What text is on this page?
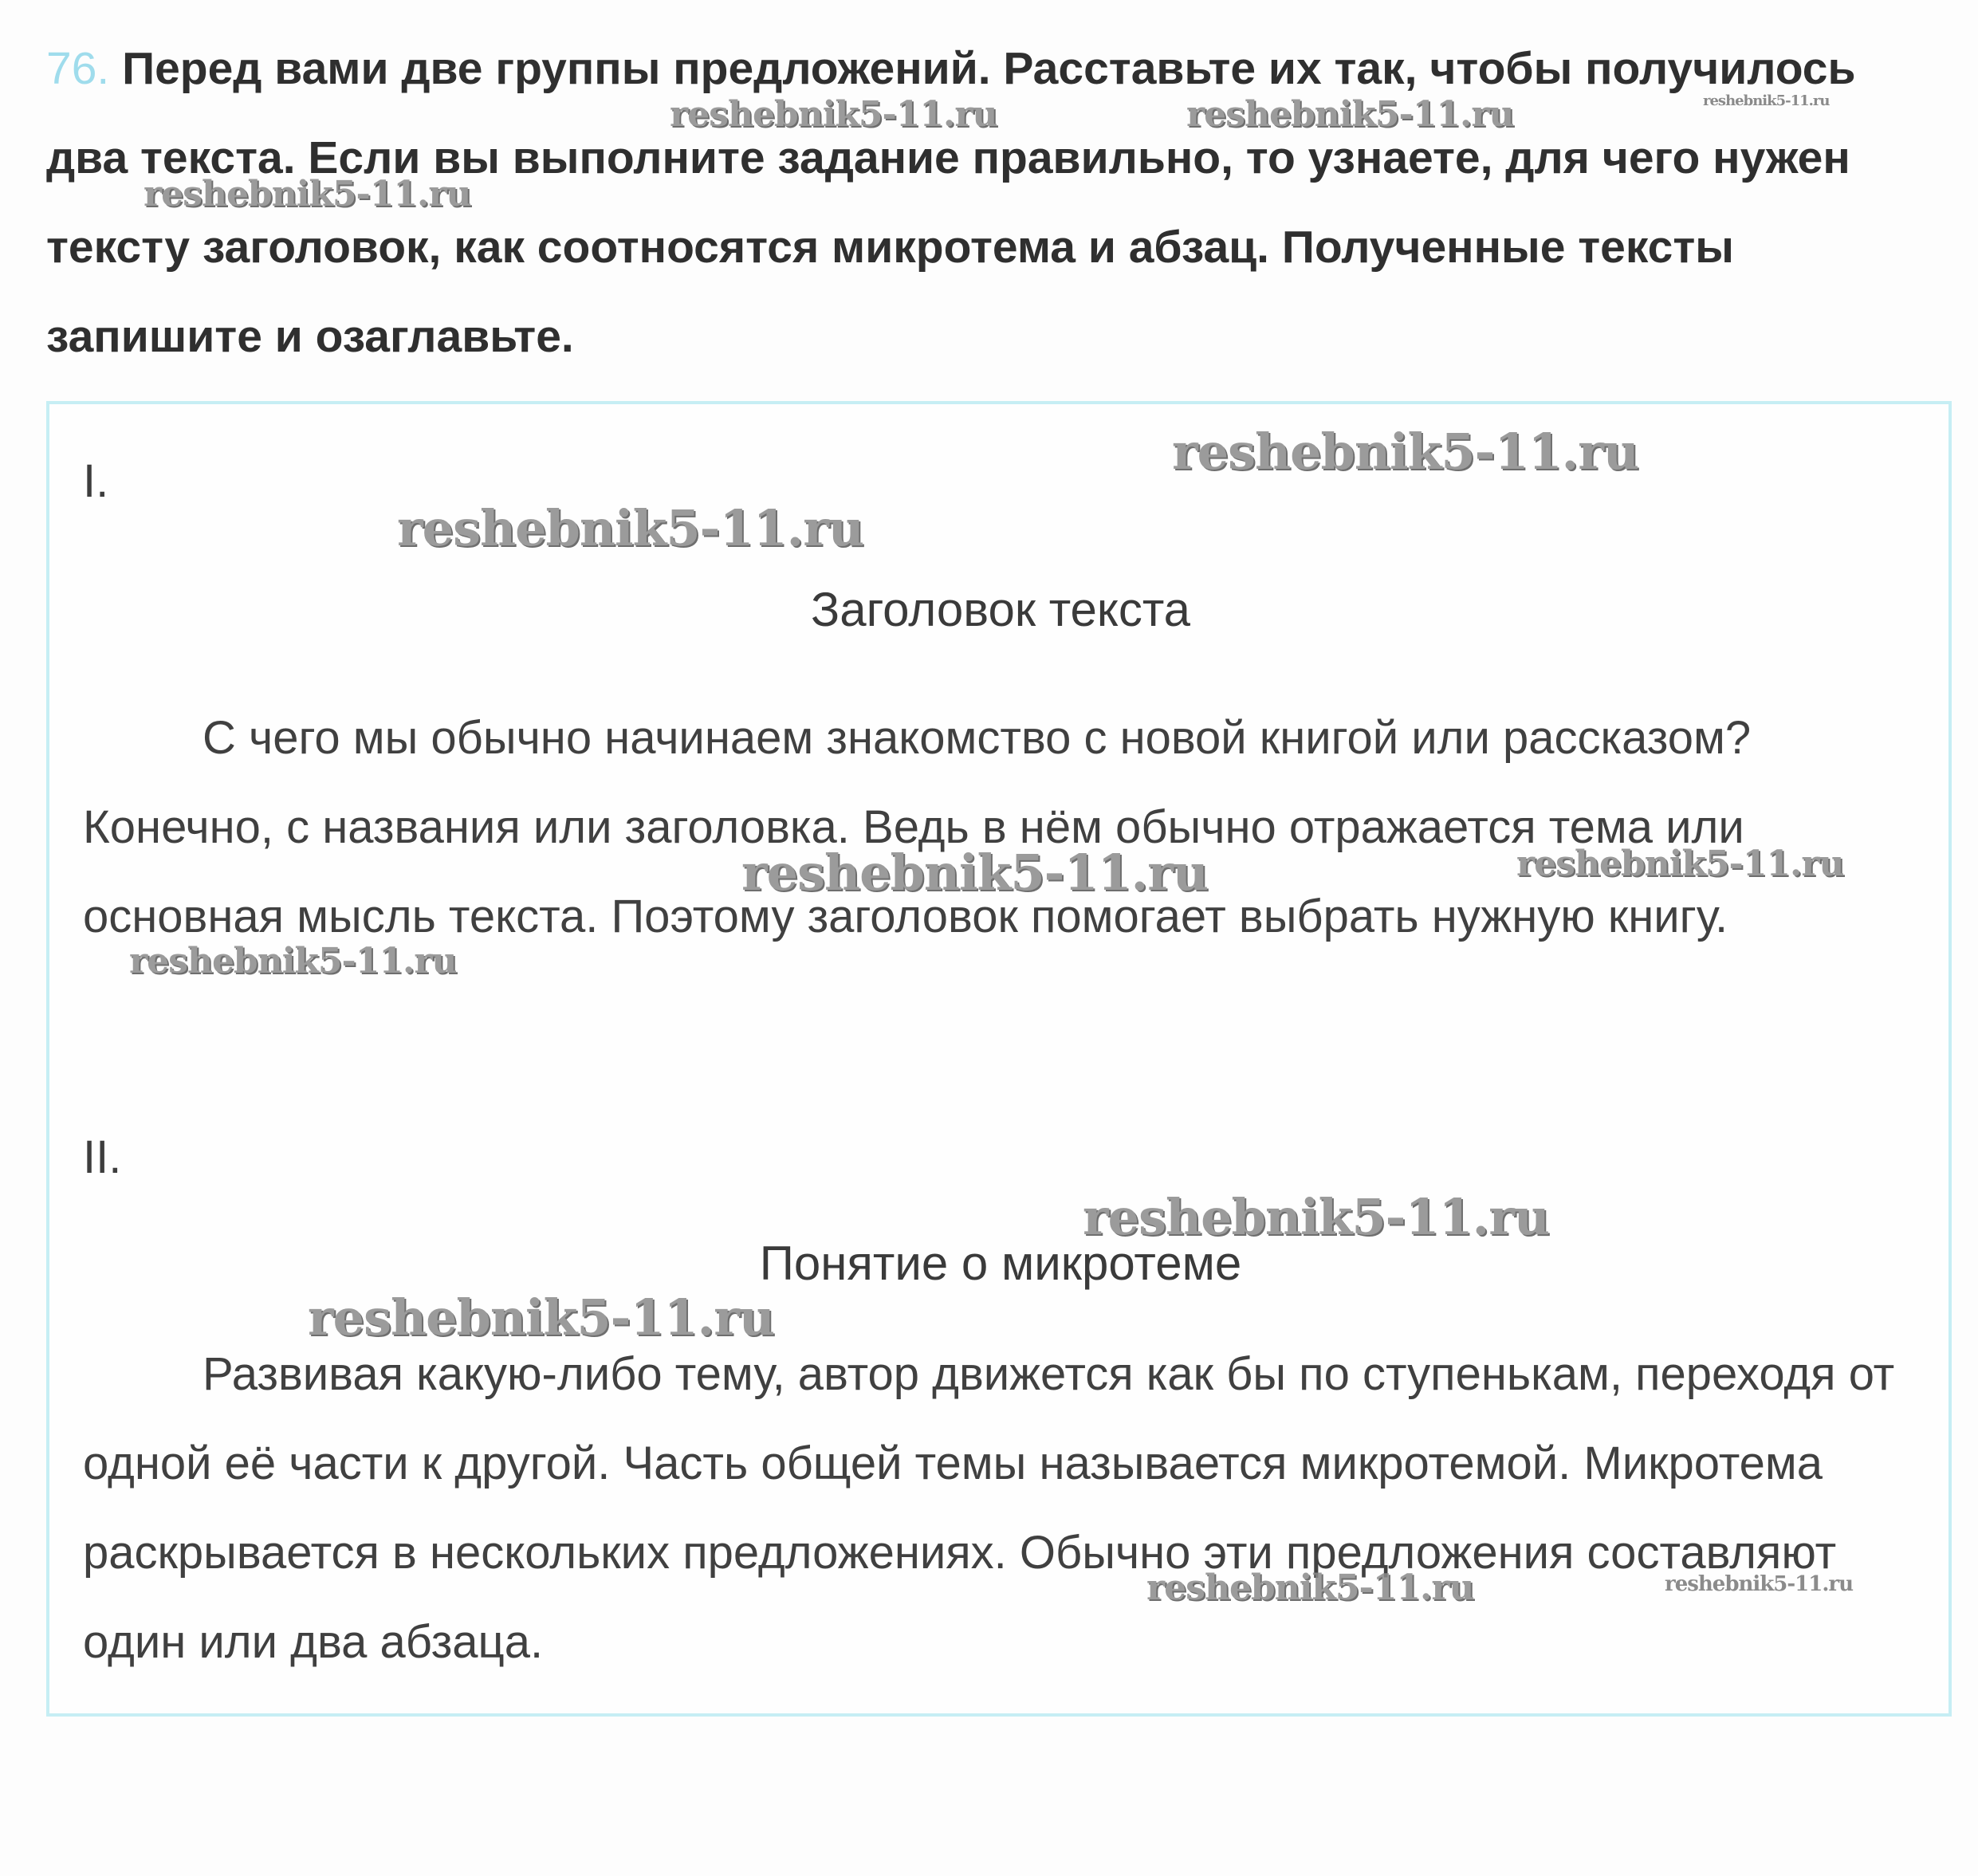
76. Перед вами две группы предложений. Расставьте их так, чтобы получилось два текста. Если вы выполните задание правильно, то узнаете, для чего нужен тексту заголовок, как соотносятся микротема и абзац. Полученные тексты запишите и озаглавьте.
I.
Заголовок текста
С чего мы обычно начинаем знакомство с новой книгой или рассказом? Конечно, с названия или заголовка. Ведь в нём обычно отражается тема или основная мысль текста. Поэтому заголовок помогает выбрать нужную книгу.
II.
Понятие о микротеме
Развивая какую-либо тему, автор движется как бы по ступенькам, переходя от одной её части к другой. Часть общей темы называется микротемой. Микротема раскрывается в нескольких предложениях. Обычно эти предложения составляют один или два абзаца.
reshebnik5-11.ru	reshebnik5-11.ru	reshebnik5-11.ru
reshebnik5-11.ru
reshebnik5-11.ru
reshebnik5-11.ru
reshebnik5-11.ru	reshebnik5-11.ru
reshebnik5-11.ru
reshebnik5-11.ru
reshebnik5-11.ru
reshebnik5-11.ru	reshebnik5-11.ru
